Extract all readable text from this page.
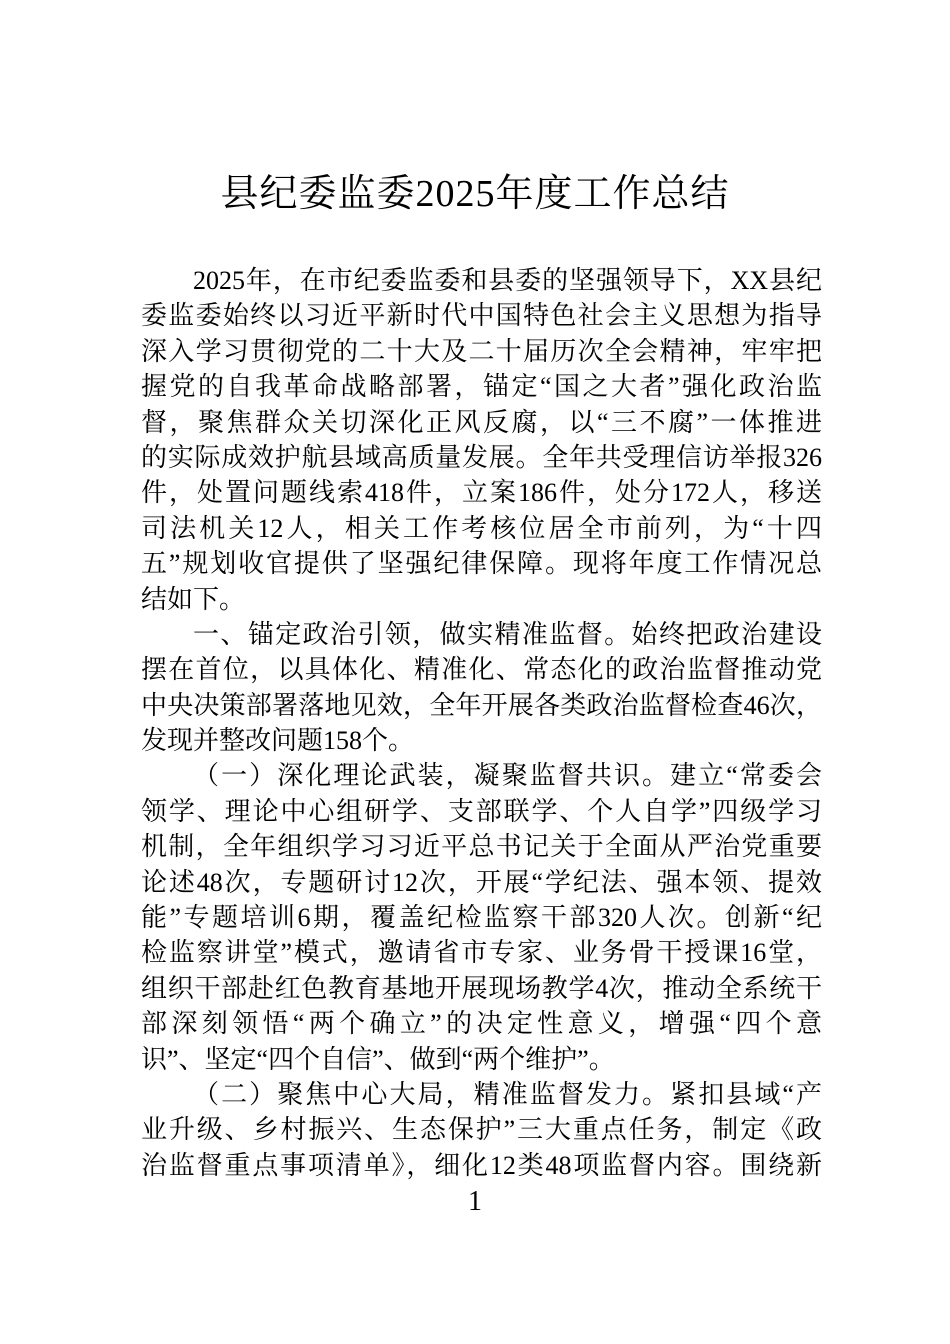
县纪委监委2025年度工作总结
2025年，在市纪委监委和县委的坚强领导下，XX县纪
委监委始终以习近平新时代中国特色社会主义思想为指导
深入学习贯彻党的二十大及二十届历次全会精神，牢牢把
握党的自我革命战略部署，锚定“国之大者”强化政治监
督，聚焦群众关切深化正风反腐，以“三不腐”一体推进
的实际成效护航县域高质量发展。全年共受理信访举报326
件，处置问题线索418件，立案186件，处分172人，移送
司法机关12人，相关工作考核位居全市前列，为“十四
五”规划收官提供了坚强纪律保障。现将年度工作情况总
结如下。
一、锚定政治引领，做实精准监督。始终把政治建设
摆在首位，以具体化、精准化、常态化的政治监督推动党
中央决策部署落地见效，全年开展各类政治监督检查46次，
发现并整改问题158个。
（一）深化理论武装，凝聚监督共识。建立“常委会
领学、理论中心组研学、支部联学、个人自学”四级学习
机制，全年组织学习习近平总书记关于全面从严治党重要
论述48次，专题研讨12次，开展“学纪法、强本领、提效
能”专题培训6期，覆盖纪检监察干部320人次。创新“纪
检监察讲堂”模式，邀请省市专家、业务骨干授课16堂，
组织干部赴红色教育基地开展现场教学4次，推动全系统干
部深刻领悟“两个确立”的决定性意义，增强“四个意
识”、坚定“四个自信”、做到“两个维护”。
（二）聚焦中心大局，精准监督发力。紧扣县域“产
业升级、乡村振兴、生态保护”三大重点任务，制定《政
治监督重点事项清单》，细化12类48项监督内容。围绕新
1
